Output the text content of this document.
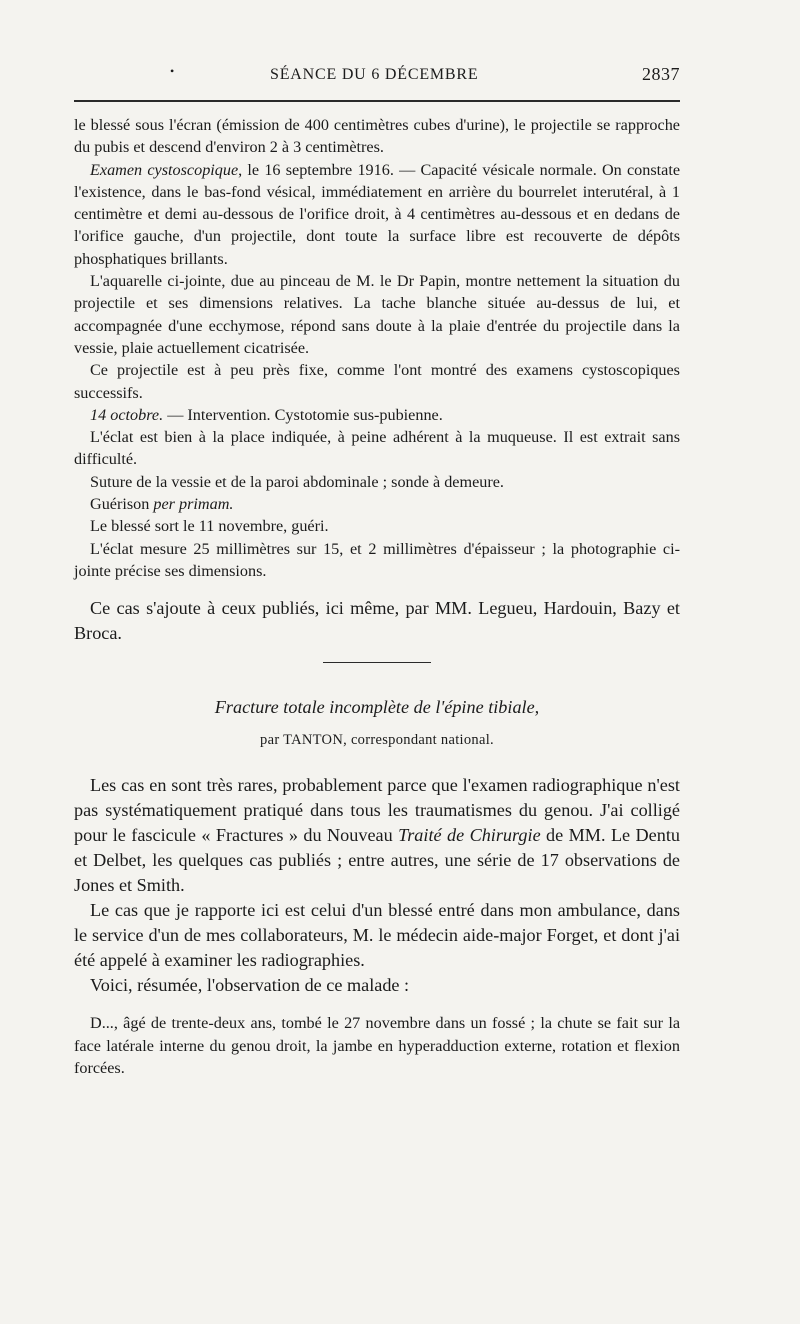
•	SÉANCE DU 6 DÉCEMBRE	2837

le blessé sous l'écran (émission de 400 centimètres cubes d'urine), le projectile se rapproche du pubis et descend d'environ 2 à 3 centimètres.

Examen cystoscopique, le 16 septembre 1916. — Capacité vésicale normale. On constate l'existence, dans le bas-fond vésical, immédiatement en arrière du bourrelet interutéral, à 1 centimètre et demi au-dessous de l'orifice droit, à 4 centimètres au-dessous et en dedans de l'orifice gauche, d'un projectile, dont toute la surface libre est recouverte de dépôts phosphatiques brillants.

L'aquarelle ci-jointe, due au pinceau de M. le Dr Papin, montre nettement la situation du projectile et ses dimensions relatives. La tache blanche située au-dessus de lui, et accompagnée d'une ecchymose, répond sans doute à la plaie d'entrée du projectile dans la vessie, plaie actuellement cicatrisée.

Ce projectile est à peu près fixe, comme l'ont montré des examens cystoscopiques successifs.

14 octobre. — Intervention. Cystotomie sus-pubienne.

L'éclat est bien à la place indiquée, à peine adhérent à la muqueuse. Il est extrait sans difficulté.

Suture de la vessie et de la paroi abdominale ; sonde à demeure.

Guérison per primam.

Le blessé sort le 11 novembre, guéri.

L'éclat mesure 25 millimètres sur 15, et 2 millimètres d'épaisseur ; la photographie ci-jointe précise ses dimensions.

Ce cas s'ajoute à ceux publiés, ici même, par MM. Legueu, Hardouin, Bazy et Broca.

Fracture totale incomplète de l'épine tibiale,
par TANTON, correspondant national.

Les cas en sont très rares, probablement parce que l'examen radiographique n'est pas systématiquement pratiqué dans tous les traumatismes du genou. J'ai colligé pour le fascicule « Fractures » du Nouveau Traité de Chirurgie de MM. Le Dentu et Delbet, les quelques cas publiés ; entre autres, une série de 17 observations de Jones et Smith.

Le cas que je rapporte ici est celui d'un blessé entré dans mon ambulance, dans le service d'un de mes collaborateurs, M. le médecin aide-major Forget, et dont j'ai été appelé à examiner les radiographies.

Voici, résumée, l'observation de ce malade :

D..., âgé de trente-deux ans, tombé le 27 novembre dans un fossé ; la chute se fait sur la face latérale interne du genou droit, la jambe en hyperadduction externe, rotation et flexion forcées.
